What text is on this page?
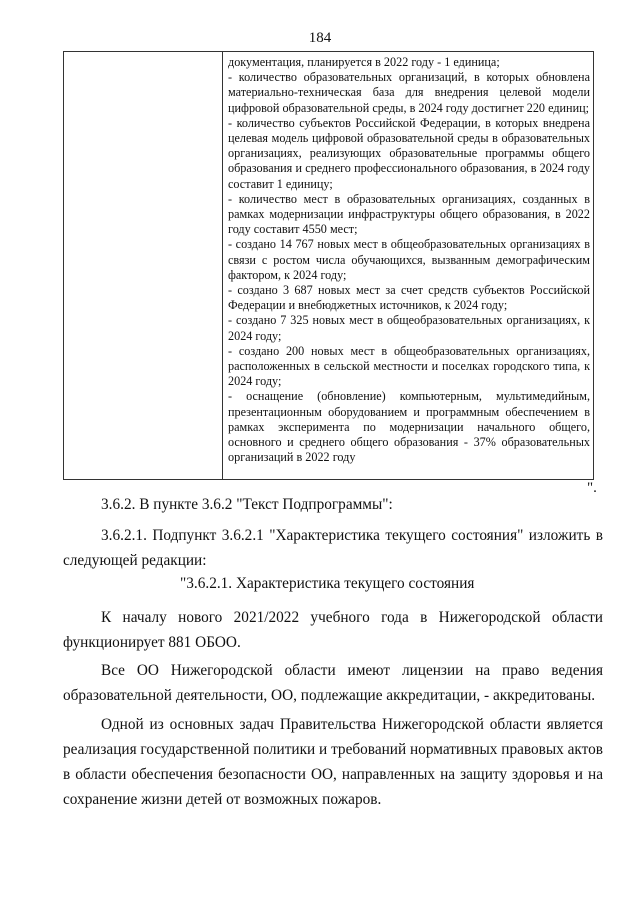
184

документация, планируется в 2022 году - 1 единица;

- количество образовательных организаций, в которых обновлена материально-техническая база для внедрения целевой модели цифровой образовательной среды, в 2024 году достигнет 220 единиц;

- количество субъектов Российской Федерации, в которых внедрена целевая модель цифровой образовательной среды в образовательных организациях, реализующих образовательные программы общего образования и среднего профессионального образования, в 2024 году составит 1 единицу;

- количество мест в образовательных организациях, созданных в рамках модернизации инфраструктуры общего образования, в 2022 году составит 4550 мест;

- создано 14 767 новых мест в общеобразовательных организациях в связи с ростом числа обучающихся, вызванным демографическим фактором, к 2024 году;

- создано 3 687 новых мест за счет средств субъектов Российской Федерации и внебюджетных источников, к 2024 году;

- создано 7 325 новых мест в общеобразовательных организациях, к 2024 году;

- создано 200 новых мест в общеобразовательных организациях, расположенных в сельской местности и поселках городского типа, к 2024 году;

- оснащение (обновление) компьютерным, мультимедийным, презентационным оборудованием и программным обеспечением в рамках эксперимента по модернизации начального общего, основного и среднего общего образования - 37% образовательных организаций в 2022 году

".

3.6.2. В пункте 3.6.2 "Текст Подпрограммы":

3.6.2.1. Подпункт 3.6.2.1 "Характеристика текущего состояния" изложить в следующей редакции:

"3.6.2.1. Характеристика текущего состояния

К началу нового 2021/2022 учебного года в Нижегородской области функционирует 881 ОБОО.

Все ОО Нижегородской области имеют лицензии на право ведения образовательной деятельности, ОО, подлежащие аккредитации, - аккредитованы.

Одной из основных задач Правительства Нижегородской области является реализация государственной политики и требований нормативных правовых актов в области обеспечения безопасности ОО, направленных на защиту здоровья и на сохранение жизни детей от возможных пожаров.
